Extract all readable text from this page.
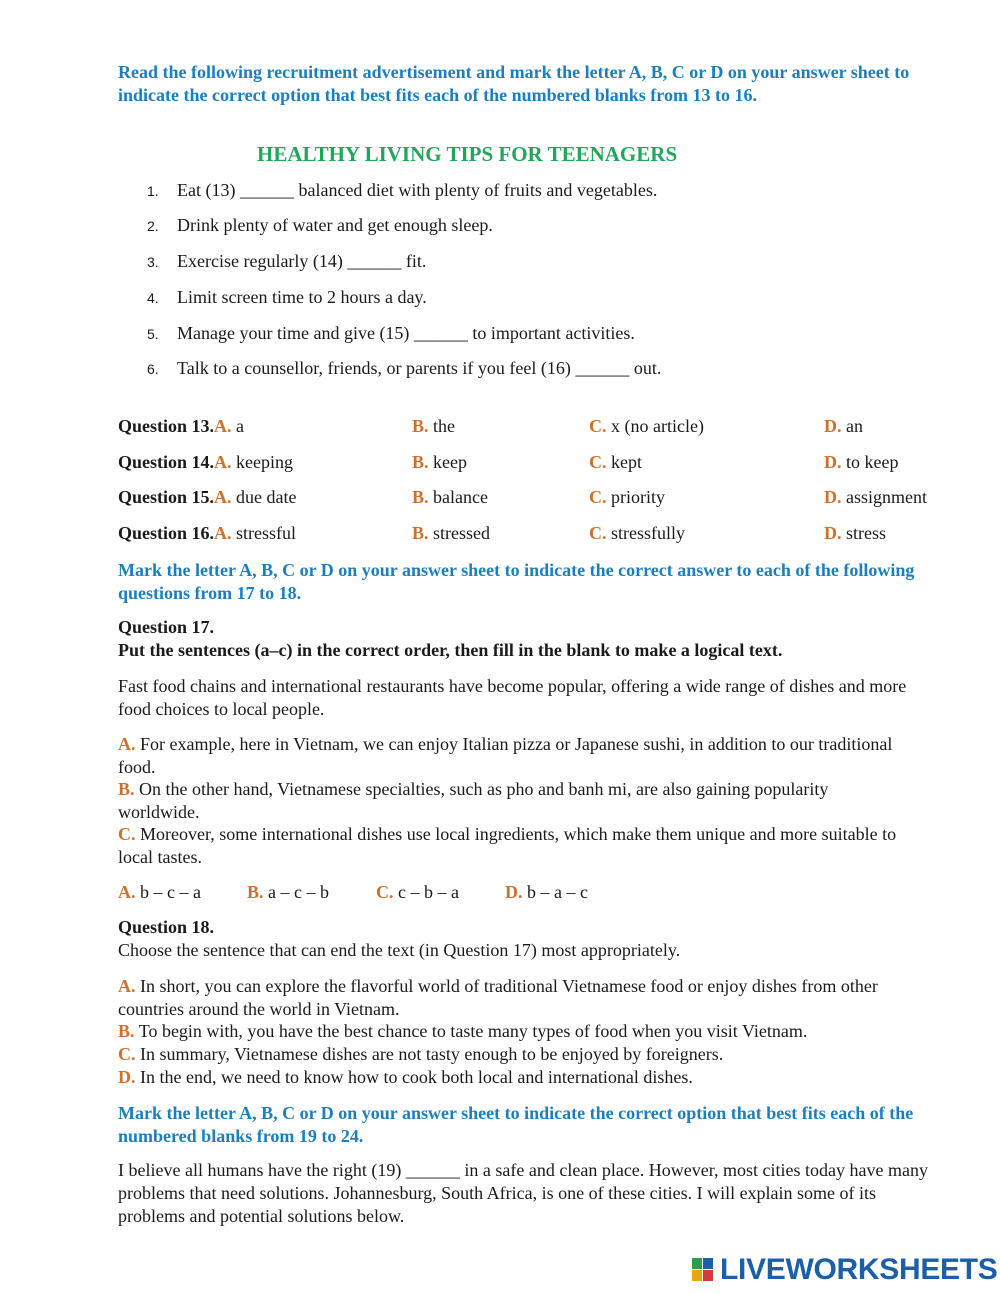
Read the following recruitment advertisement and mark the letter A, B, C or D on your answer sheet to indicate the correct option that best fits each of the numbered blanks from 13 to 16.
HEALTHY LIVING TIPS FOR TEENAGERS
1. Eat (13) ______ balanced diet with plenty of fruits and vegetables.
2. Drink plenty of water and get enough sleep.
3. Exercise regularly (14) ______ fit.
4. Limit screen time to 2 hours a day.
5. Manage your time and give (15) ______ to important activities.
6. Talk to a counsellor, friends, or parents if you feel (16) ______ out.
Question 13.A. a	B. the	C. x (no article)	D. an
Question 14.A. keeping	B. keep	C. kept	D. to keep
Question 15.A. due date	B. balance	C. priority	D. assignment
Question 16.A. stressful	B. stressed	C. stressfully	D. stress
Mark the letter A, B, C or D on your answer sheet to indicate the correct answer to each of the following questions from 17 to 18.
Question 17.
Put the sentences (a–c) in the correct order, then fill in the blank to make a logical text.
Fast food chains and international restaurants have become popular, offering a wide range of dishes and more food choices to local people.
A. For example, here in Vietnam, we can enjoy Italian pizza or Japanese sushi, in addition to our traditional food.
B. On the other hand, Vietnamese specialties, such as pho and banh mi, are also gaining popularity worldwide.
C. Moreover, some international dishes use local ingredients, which make them unique and more suitable to local tastes.
A. b – c – a	B. a – c – b	C. c – b – a	D. b – a – c
Question 18.
Choose the sentence that can end the text (in Question 17) most appropriately.
A. In short, you can explore the flavorful world of traditional Vietnamese food or enjoy dishes from other countries around the world in Vietnam.
B. To begin with, you have the best chance to taste many types of food when you visit Vietnam.
C. In summary, Vietnamese dishes are not tasty enough to be enjoyed by foreigners.
D. In the end, we need to know how to cook both local and international dishes.
Mark the letter A, B, C or D on your answer sheet to indicate the correct option that best fits each of the numbered blanks from 19 to 24.
I believe all humans have the right (19) ______ in a safe and clean place. However, most cities today have many problems that need solutions. Johannesburg, South Africa, is one of these cities. I will explain some of its problems and potential solutions below.
LIVEWORKSHEETS
